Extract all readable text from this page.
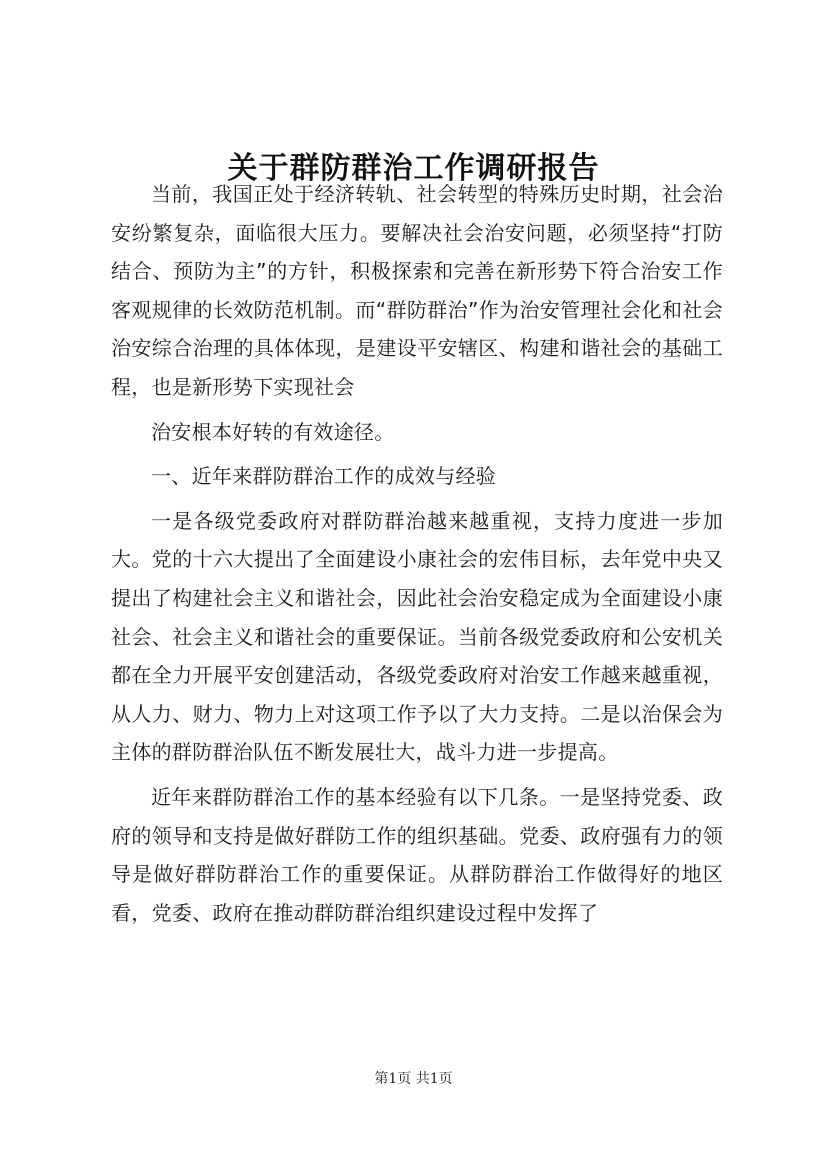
关于群防群治工作调研报告

当前，我国正处于经济转轨、社会转型的特殊历史时期，社会治安纷繁复杂，面临很大压力。要解决社会治安问题，必须坚持“打防结合、预防为主”的方针，积极探索和完善在新形势下符合治安工作客观规律的长效防范机制。而“群防群治”作为治安管理社会化和社会治安综合治理的具体体现，是建设平安辖区、构建和谐社会的基础工程，也是新形势下实现社会

治安根本好转的有效途径。

一、近年来群防群治工作的成效与经验

一是各级党委政府对群防群治越来越重视，支持力度进一步加大。党的十六大提出了全面建设小康社会的宏伟目标，去年党中央又提出了构建社会主义和谐社会，因此社会治安稳定成为全面建设小康社会、社会主义和谐社会的重要保证。当前各级党委政府和公安机关都在全力开展平安创建活动，各级党委政府对治安工作越来越重视，从人力、财力、物力上对这项工作予以了大力支持。二是以治保会为主体的群防群治队伍不断发展壮大，战斗力进一步提高。

近年来群防群治工作的基本经验有以下几条。一是坚持党委、政府的领导和支持是做好群防工作的组织基础。党委、政府强有力的领导是做好群防群治工作的重要保证。从群防群治工作做得好的地区看，党委、政府在推动群防群治组织建设过程中发挥了

第1页 共1页
